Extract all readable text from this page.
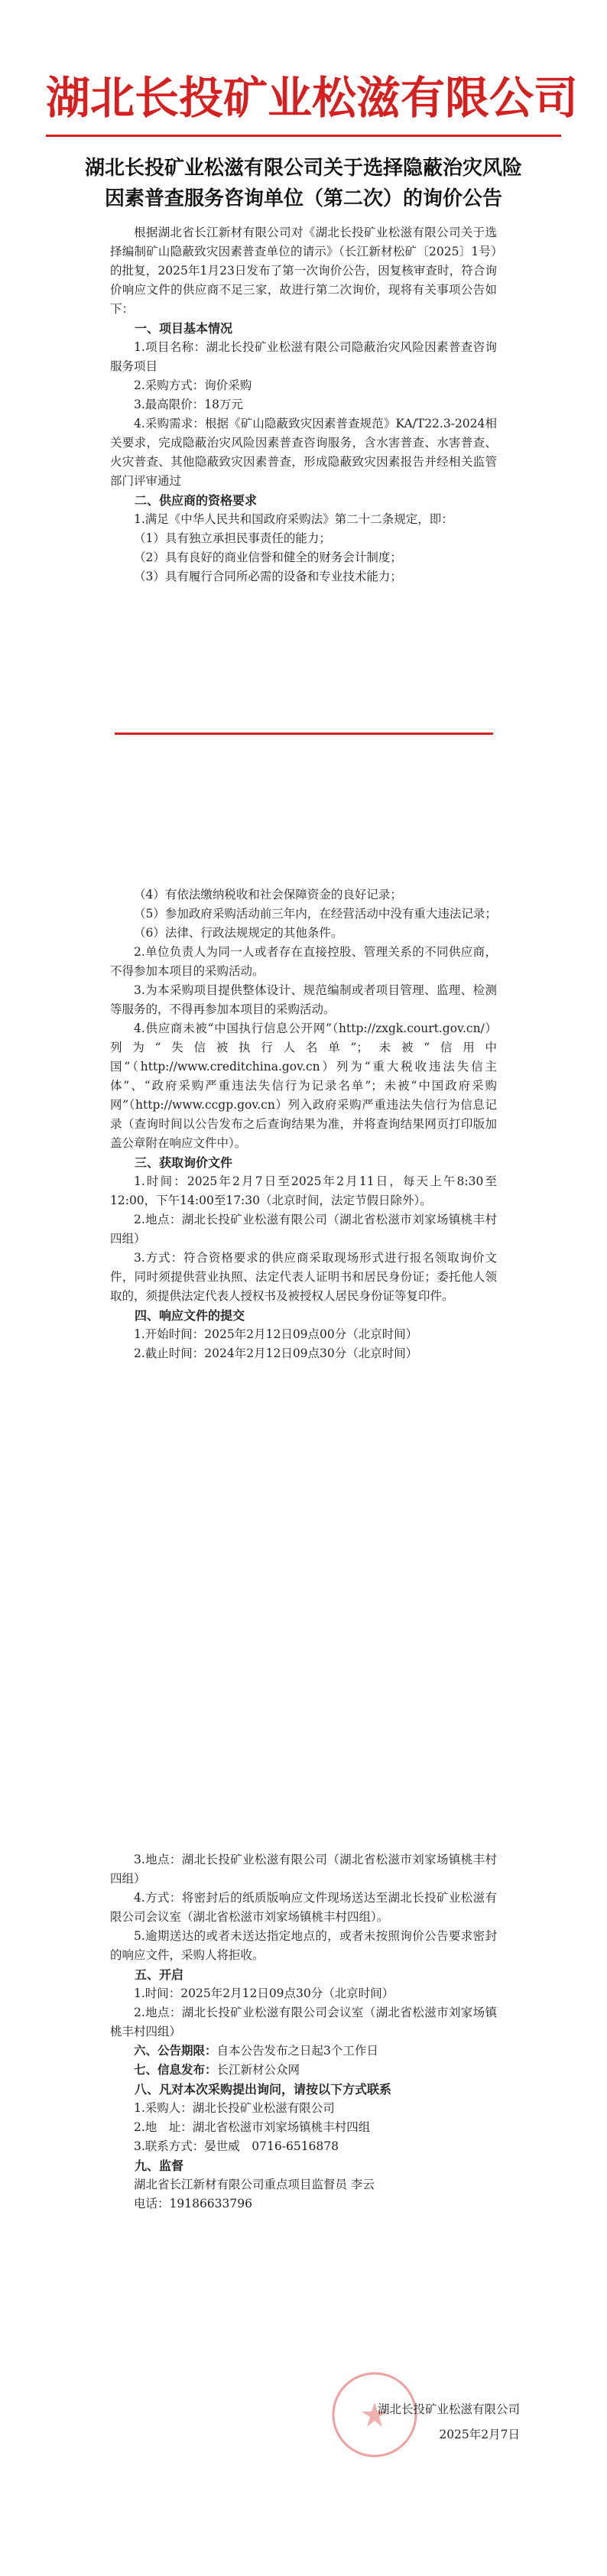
湖北长投矿业松滋有限公司
湖北长投矿业松滋有限公司关于选择隐蔽治灾风险因素普查服务咨询单位（第二次）的询价公告

根据湖北省长江新材有限公司对《湖北长投矿业松滋有限公司关于选择编制矿山隐蔽致灾因素普查单位的请示》（长江新材松矿〔2025〕1号）的批复，2025年1月23日发布了第一次询价公告，因复核审查时，符合询价响应文件的供应商不足三家，故进行第二次询价，现将有关事项公告如下：

一、项目基本情况

1.项目名称：湖北长投矿业松滋有限公司隐蔽治灾风险因素普查咨询服务项目

2.采购方式：询价采购

3.最高限价：18万元

4.采购需求：根据《矿山隐蔽致灾因素普查规范》KA/T22.3-2024相关要求，完成隐蔽治灾风险因素普查咨询服务，含水害普查、水害普查、火灾普查、其他隐蔽致灾因素普查，形成隐蔽致灾因素报告并经相关监管部门评审通过

二、供应商的资格要求

1.满足《中华人民共和国政府采购法》第二十二条规定，即：

（1）具有独立承担民事责任的能力；

（2）具有良好的商业信誉和健全的财务会计制度；

（3）具有履行合同所必需的设备和专业技术能力；

（4）有依法缴纳税收和社会保障资金的良好记录；

（5）参加政府采购活动前三年内，在经营活动中没有重大违法记录；

（6）法律、行政法规规定的其他条件。

2.单位负责人为同一人或者存在直接控股、管理关系的不同供应商，不得参加本项目的采购活动。

3.为本采购项目提供整体设计、规范编制或者项目管理、监理、检测等服务的，不得再参加本项目的采购活动。

4.供应商未被“中国执行信息公开网”（http://zxgk.court.gov.cn/）列为“失信被执行人名单”；未被“信用中国”（http://www.creditchina.gov.cn）列为“重大税收违法失信主体”、“政府采购严重违法失信行为记录名单”；未被“中国政府采购网”（http://www.ccgp.gov.cn）列入政府采购严重违法失信行为信息记录（查询时间以公告发布之后查询结果为准，并将查询结果网页打印版加盖公章附在响应文件中）。

三、获取询价文件

1.时间：2025年2月7日至2025年2月11日，每天上午8:30至12:00，下午14:00至17:30（北京时间，法定节假日除外）。

2.地点：湖北长投矿业松滋有限公司（湖北省松滋市刘家场镇桃丰村四组）

3.方式：符合资格要求的供应商采取现场形式进行报名领取询价文件，同时须提供营业执照、法定代表人证明书和居民身份证；委托他人领取的，须提供法定代表人授权书及被授权人居民身份证等复印件。

四、响应文件的提交

1.开始时间：2025年2月12日09点00分（北京时间）

2.截止时间：2024年2月12日09点30分（北京时间）

3.地点：湖北长投矿业松滋有限公司（湖北省松滋市刘家场镇桃丰村四组）

4.方式：将密封后的纸质版响应文件现场送达至湖北长投矿业松滋有限公司会议室（湖北省松滋市刘家场镇桃丰村四组）。

5.逾期送达的或者未送达指定地点的，或者未按照询价公告要求密封的响应文件，采购人将拒收。

五、开启

1.时间：2025年2月12日09点30分（北京时间）

2.地点：湖北长投矿业松滋有限公司会议室（湖北省松滋市刘家场镇桃丰村四组）

六、公告期限：自本公告发布之日起3个工作日

七、信息发布：长江新材公众网

八、凡对本次采购提出询问，请按以下方式联系

1.采购人：湖北长投矿业松滋有限公司

2.地　址：湖北省松滋市刘家场镇桃丰村四组

3.联系方式：晏世威　0716-6516878

九、监督

湖北省长江新材有限公司重点项目监督员 李云

电话：19186633796

湖北长投矿业松滋有限公司
2025年2月7日
